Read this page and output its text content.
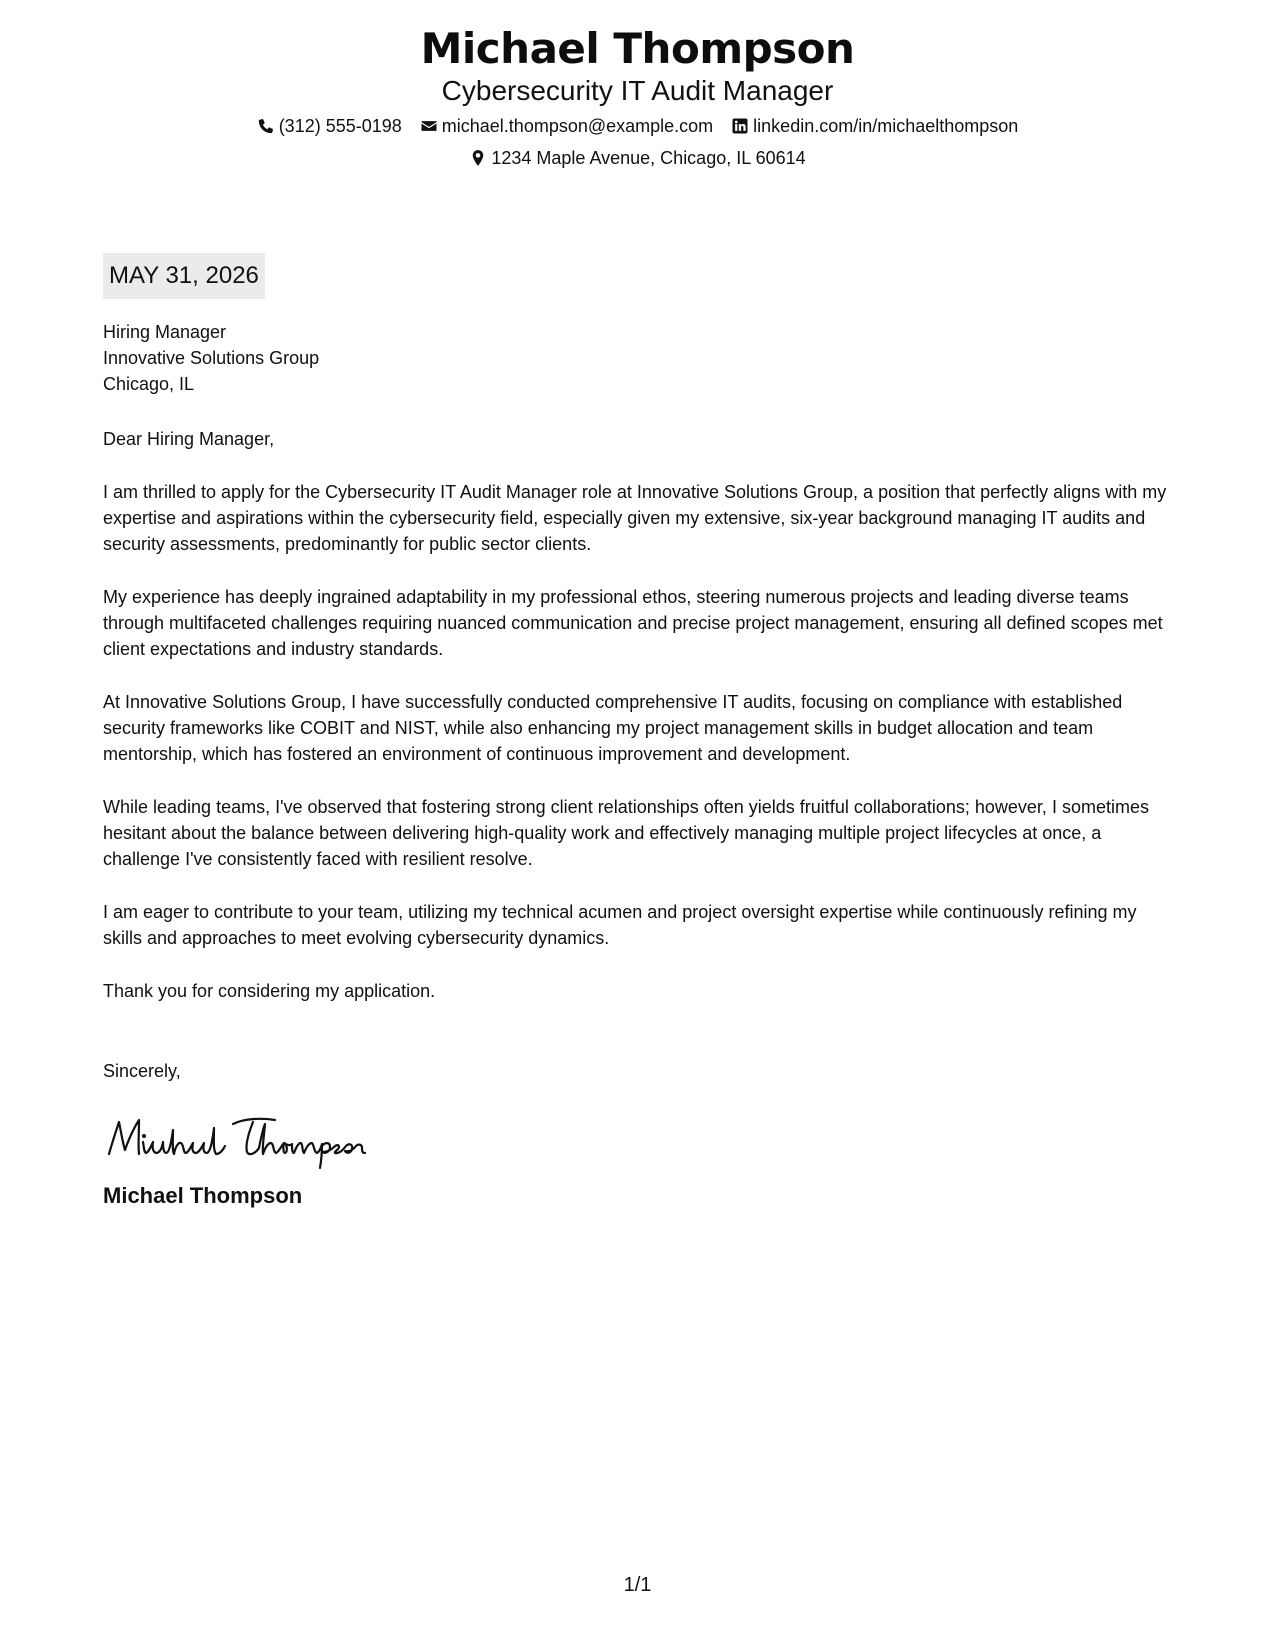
Michael Thompson
Cybersecurity IT Audit Manager
(312) 555-0198 michael.thompson@example.com linkedin.com/in/michaelthompson
1234 Maple Avenue, Chicago, IL 60614
MAY 31, 2026
Hiring Manager
Innovative Solutions Group
Chicago, IL
Dear Hiring Manager,

I am thrilled to apply for the Cybersecurity IT Audit Manager role at Innovative Solutions Group, a position that perfectly aligns with my expertise and aspirations within the cybersecurity field, especially given my extensive, six-year background managing IT audits and security assessments, predominantly for public sector clients.

My experience has deeply ingrained adaptability in my professional ethos, steering numerous projects and leading diverse teams through multifaceted challenges requiring nuanced communication and precise project management, ensuring all defined scopes met client expectations and industry standards.

At Innovative Solutions Group, I have successfully conducted comprehensive IT audits, focusing on compliance with established security frameworks like COBIT and NIST, while also enhancing my project management skills in budget allocation and team mentorship, which has fostered an environment of continuous improvement and development.

While leading teams, I've observed that fostering strong client relationships often yields fruitful collaborations; however, I sometimes hesitant about the balance between delivering high-quality work and effectively managing multiple project lifecycles at once, a challenge I've consistently faced with resilient resolve.

I am eager to contribute to your team, utilizing my technical acumen and project oversight expertise while continuously refining my skills and approaches to meet evolving cybersecurity dynamics.

Thank you for considering my application.

Sincerely,
Michael Thompson
1/1
